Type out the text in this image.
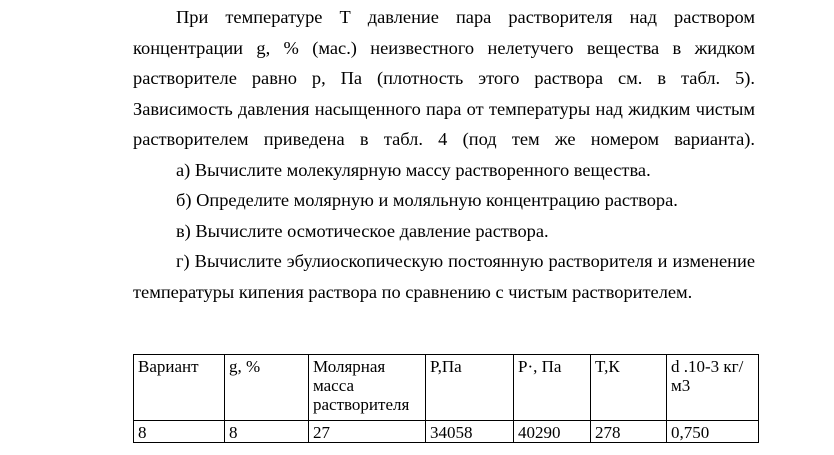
При температуре Т давление пара растворителя над раствором концентрации g, % (мас.) неизвестного нелетучего вещества в жидком растворителе равно р, Па (плотность этого раствора см. в табл. 5). Зависимость давления насыщенного пара от температуры над жидким чистым растворителем приведена в табл. 4 (под тем же номером варианта).

а) Вычислите молекулярную массу растворенного вещества.

б) Определите молярную и моляльную концентрацию раствора.

в) Вычислите осмотическое давление раствора.

г) Вычислите эбулиоскопическую постоянную растворителя и изменение температуры кипения раствора по сравнению с чистым растворителем.

Вариант	g, %	Молярная масса растворителя	P,Па	P·, Па	T,К	d .10-3 кг/м3
8	8	27	34058	40290	278	0,750
